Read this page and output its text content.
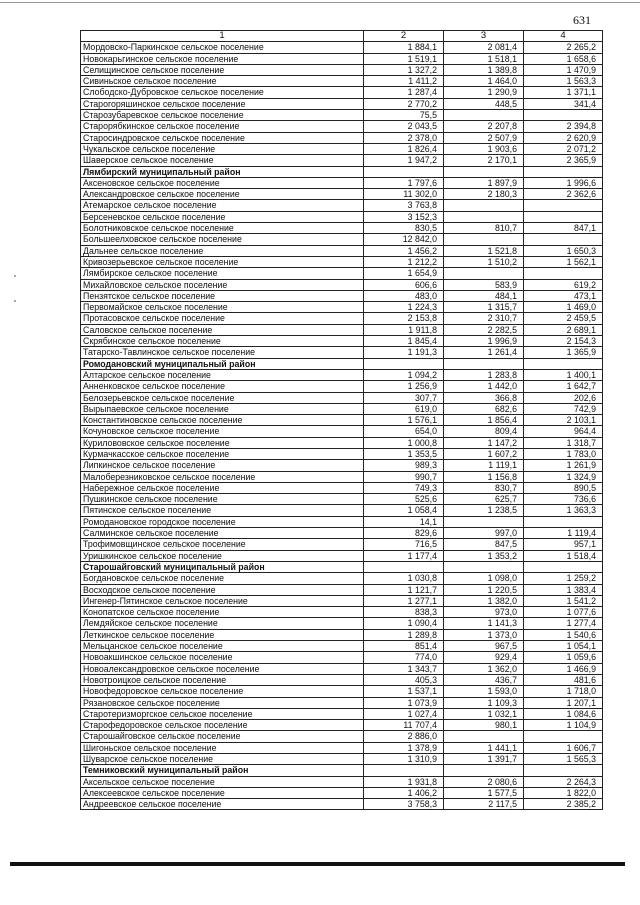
631
1	2	3	4
Мордовско-Паркинское сельское поселение	1 884,1	2 081,4	2 265,2
Новокарьгинское сельское поселение	1 519,1	1 518,1	1 658,6
Селищинское сельское поселение	1 327,2	1 389,8	1 470,9
Сивиньское сельское поселение	1 411,2	1 464,0	1 563,3
Слободско-Дубровское сельское поселение	1 287,4	1 290,9	1 371,1
Старогоряшинское сельское поселение	2 770,2	448,5	341,4
Старозубаревское сельское поселение	75,5		
Старорябкинское сельское поселение	2 043,5	2 207,8	2 394,8
Старосиндровское сельское поселение	2 378,0	2 507,9	2 620,9
Чукальское сельское поселение	1 826,4	1 903,6	2 071,2
Шаверское сельское поселение	1 947,2	2 170,1	2 365,9
Лямбирский муниципальный район			
Аксеновское сельское поселение	1 797,6	1 897,9	1 996,6
Александровское сельское поселение	11 302,0	2 180,3	2 362,6
Атемарское сельское поселение	3 763,8		
Берсеневское сельское поселение	3 152,3		
Болотниковское сельское поселение	830,5	810,7	847,1
Большеелховское сельское поселение	12 842,0		
Дальнее сельское поселение	1 456,2	1 521,8	1 650,3
Кривозерьевское сельское поселение	1 212,2	1 510,2	1 562,1
Лямбирское сельское поселение	1 654,9		
Михайловское сельское поселение	606,6	583,9	619,2
Пензятское сельское поселение	483,0	484,1	473,1
Первомайское сельское поселение	1 224,3	1 315,7	1 469,0
Протасовское сельское поселение	2 153,8	2 310,7	2 459,5
Саловское сельское поселение	1 911,8	2 282,5	2 689,1
Скрябинское сельское поселение	1 845,4	1 996,9	2 154,3
Татарско-Тавлинское сельское поселение	1 191,3	1 261,4	1 365,9
Ромодановский муниципальный район			
Алтарское сельское поселение	1 094,2	1 283,8	1 400,1
Анненковское сельское поселение	1 256,9	1 442,0	1 642,7
Белозерьевское сельское поселение	307,7	366,8	202,6
Вырыпаевское сельское поселение	619,0	682,6	742,9
Константиновское сельское поселение	1 576,1	1 856,4	2 103,1
Кочуновское сельское поселение	654,0	809,4	964,4
Курилововское сельское поселение	1 000,8	1 147,2	1 318,7
Курмачкасское сельское поселение	1 353,5	1 607,2	1 783,0
Липкинское сельское поселение	989,3	1 119,1	1 261,9
Малоберезниковское сельское поселение	990,7	1 156,8	1 324,9
Набережное сельское поселение	749,3	830,7	890,5
Пушкинское сельское поселение	525,6	625,7	736,6
Пятинское сельское поселение	1 058,4	1 238,5	1 363,3
Ромодановское городское поселение	14,1		
Салминское сельское поселение	829,6	997,0	1 119,4
Трофимовщинское сельское поселение	716,5	847,5	957,1
Уришкинское сельское поселение	1 177,4	1 353,2	1 518,4
Старошайговский муниципальный район			
Богдановское сельское поселение	1 030,8	1 098,0	1 259,2
Восходское сельское поселение	1 121,7	1 220,5	1 383,4
Ингенер-Пятинское сельское поселение	1 277,1	1 382,0	1 541,2
Конопатское сельское поселение	838,3	973,0	1 077,6
Лемдяйское сельское поселение	1 090,4	1 141,3	1 277,4
Леткинское сельское поселение	1 289,8	1 373,0	1 540,6
Мельцанское сельское поселение	851,4	967,5	1 054,1
Новоакшинское сельское поселение	774,0	929,4	1 059,6
Новоалександровское сельское поселение	1 343,7	1 362,0	1 466,9
Новотроицкое сельское поселение	405,3	436,7	481,6
Новофедоровское сельское поселение	1 537,1	1 593,0	1 718,0
Рязановское сельское поселение	1 073,9	1 109,3	1 207,1
Старотеризморгское сельское поселение	1 027,4	1 032,1	1 084,6
Старофедоровское сельское поселение	11 707,4	980,1	1 104,9
Старошайговское сельское поселение	2 886,0		
Шигоньское сельское поселение	1 378,9	1 441,1	1 606,7
Шуварское сельское поселение	1 310,9	1 391,7	1 565,3
Темниковский муниципальный район			
Аксельское сельское поселение	1 931,8	2 080,6	2 264,3
Алексеевское сельское поселение	1 406,2	1 577,5	1 822,0
Андреевское сельское поселение	3 758,3	2 117,5	2 385,2
